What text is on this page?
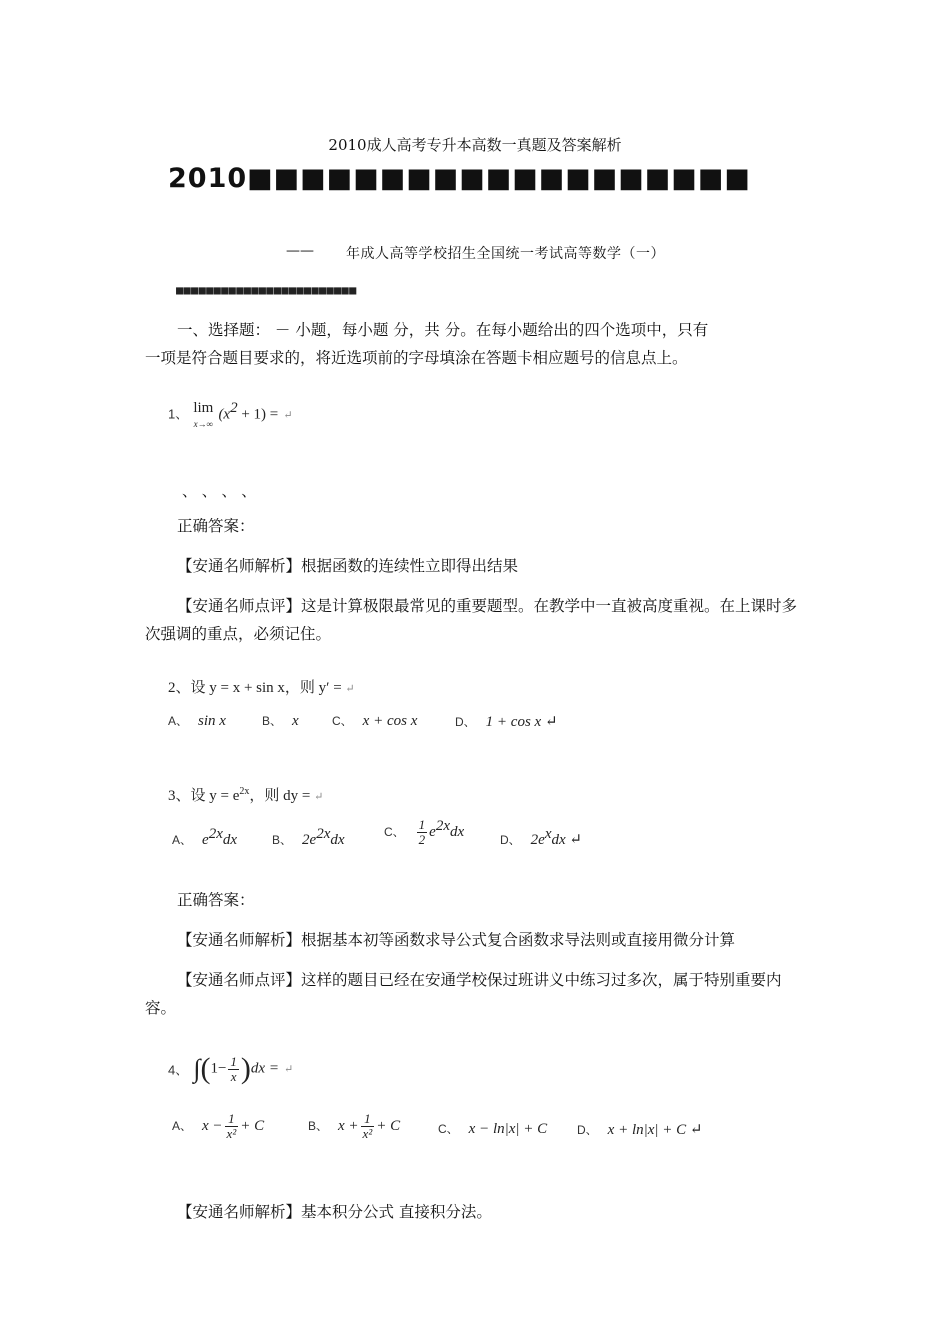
2010成人高考专升本高数一真题及答案解析
2010■■■■■■■■■■■■■■■■■■■
—— 年成人高等学校招生全国统一考试高等数学（一）
■■■■■■■■■■■■■■■■■■■■■■■■
一、选择题： － 小题，每小题 分，共 分。在每小题给出的四个选项中，只有
一项是符合题目要求的，将近选项前的字母填涂在答题卡相应题号的信息点上。
1、 lim
x→∞ $(x^2 + 1)$ = ↵
、 、 、 、
正确答案：
【安通名师解析】根据函数的连续性立即得出结果
【安通名师点评】这是计算极限最常见的重要题型。在教学中一直被高度重视。在上课时多次强调的重点，必须记住。
2、设 y = x + sin x，则 y′ = ↵
A、 sin x	B、 x	C、 x + cos x	D、 1 + cos x ↵
3、设 $y = e^{2x}$，则 dy = ↵
A、 $e^{2x}dx$	B、 $2e^{2x}dx$	C、 $\frac{1}{2} e^{2x}dx$	D、 $2e^xdx$ ↵
正确答案：
【安通名师解析】根据基本初等函数求导公式复合函数求导法则或直接用微分计算
【安通名师点评】这样的题目已经在安通学校保过班讲义中练习过多次，属于特别重要内容。
4、 $\int(1- \frac{1}{x} )dx$ = ↵
A、 $x - \frac{1}{\text{x²}} + C$	B、 $x + \frac{1}{\text{x²}} + C$	C、 x − ln|x| + C D、 x + ln|x| + C ↵
【安通名师解析】基本积分公式 直接积分法。
